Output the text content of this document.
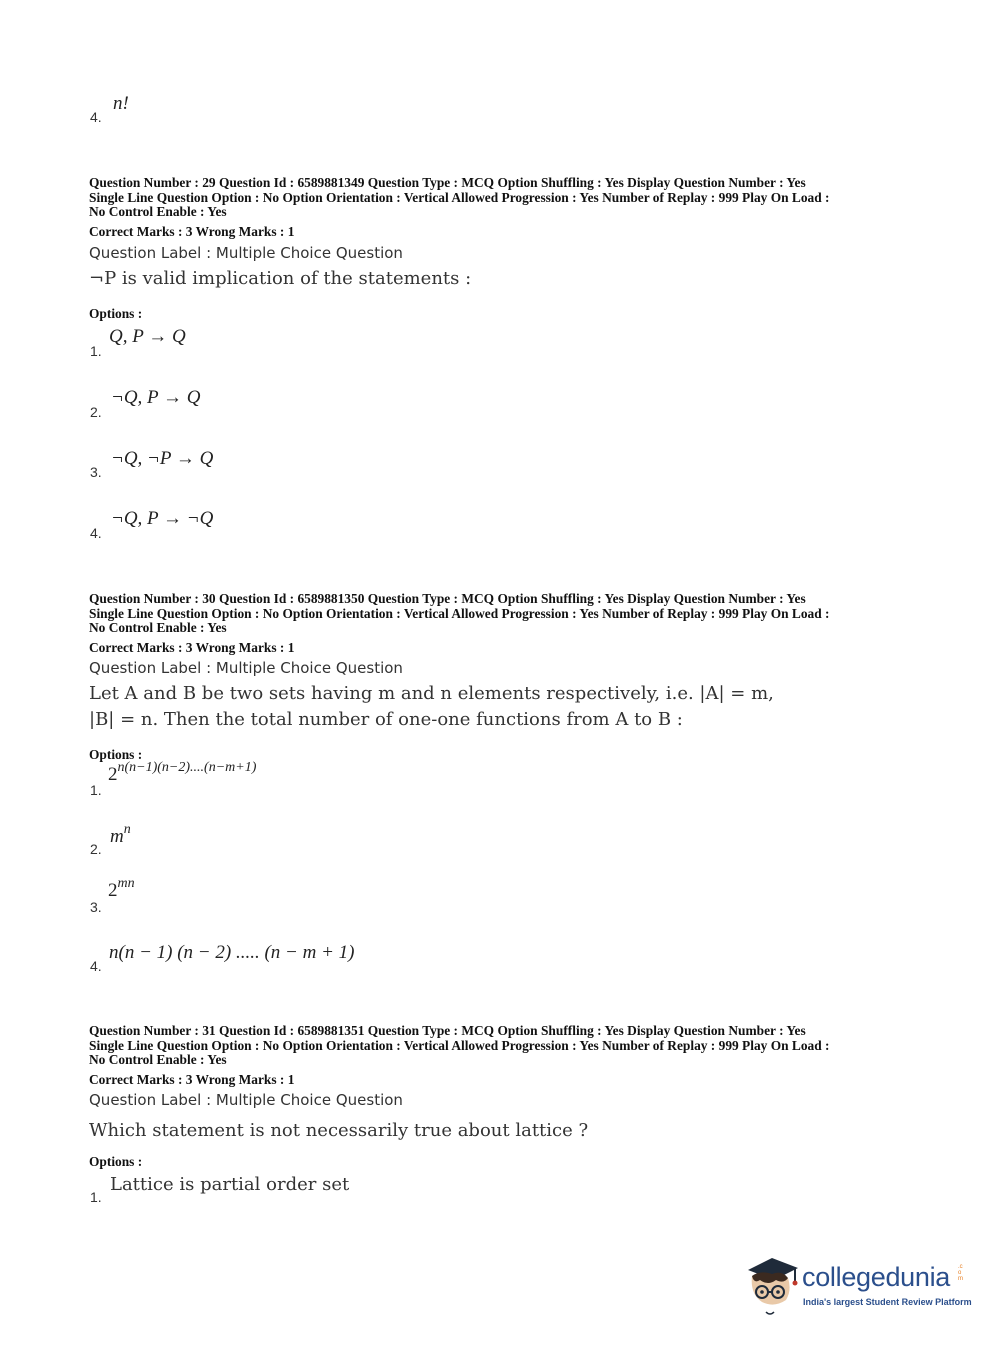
4.
n!
Question Number : 29 Question Id : 6589881349 Question Type : MCQ Option Shuffling : Yes Display Question Number : Yes
Single Line Question Option : No Option Orientation : Vertical Allowed Progression : Yes Number of Replay : 999 Play On Load :
No Control Enable : Yes
Correct Marks : 3 Wrong Marks : 1
Question Label : Multiple Choice Question
¬P is valid implication of the statements :
Options :
1.
Q, P → Q
2.
¬Q, P → Q
3.
¬Q, ¬P → Q
4.
¬Q, P → ¬Q
Question Number : 30 Question Id : 6589881350 Question Type : MCQ Option Shuffling : Yes Display Question Number : Yes
Single Line Question Option : No Option Orientation : Vertical Allowed Progression : Yes Number of Replay : 999 Play On Load :
No Control Enable : Yes
Correct Marks : 3 Wrong Marks : 1
Question Label : Multiple Choice Question
Let A and B be two sets having m and n elements respectively, i.e. |A| = m,
|B| = n. Then the total number of one-one functions from A to B :
Options :
1.
2n(n−1)(n−2)....(n−m+1)
2.
mn
3.
2mn
4.
n(n − 1) (n − 2) ..... (n − m + 1)
Question Number : 31 Question Id : 6589881351 Question Type : MCQ Option Shuffling : Yes Display Question Number : Yes
Single Line Question Option : No Option Orientation : Vertical Allowed Progression : Yes Number of Replay : 999 Play On Load :
No Control Enable : Yes
Correct Marks : 3 Wrong Marks : 1
Question Label : Multiple Choice Question
Which statement is not necessarily true about lattice ?
Options :
1.
Lattice is partial order set
collegedunia .com
India's largest Student Review Platform
